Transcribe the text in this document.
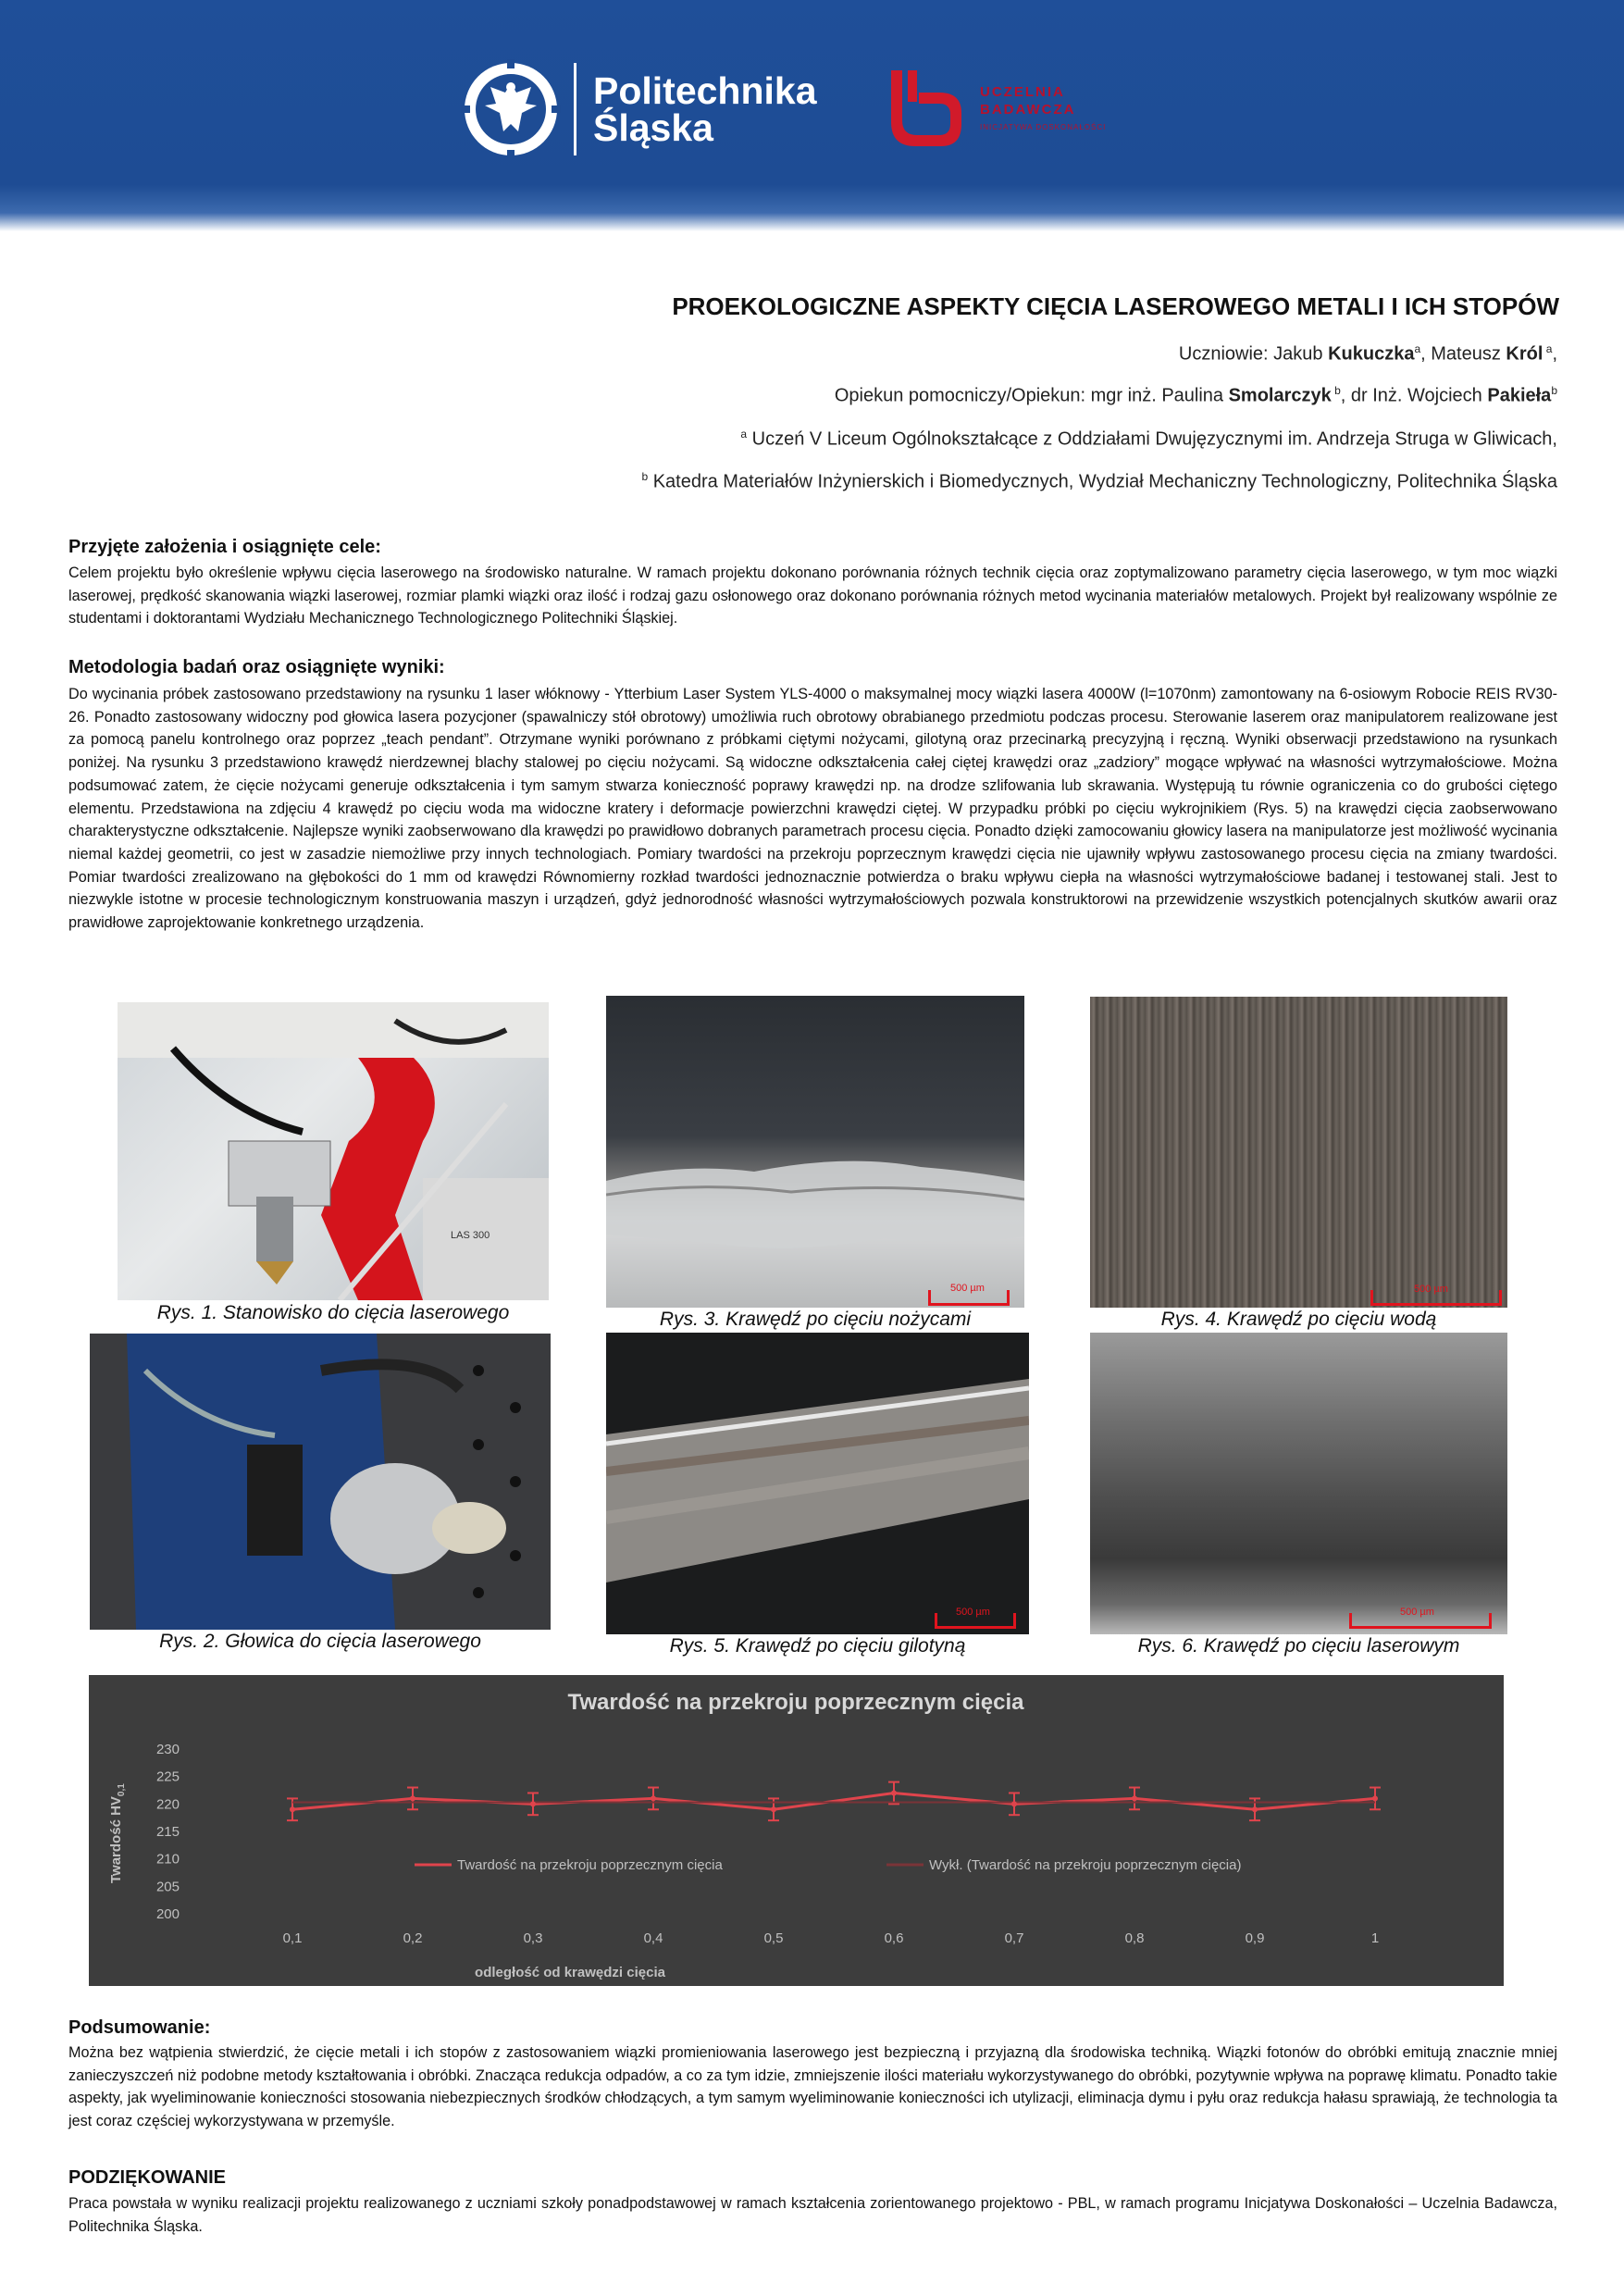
Politechnika
Śląska
UCZELNIA
BADAWCZA
INICJATYWA DOSKONAŁOŚCI
PROEKOLOGICZNE ASPEKTY CIĘCIA LASEROWEGO METALI I ICH STOPÓW
Uczniowie: Jakub Kukuczka$^a$, Mateusz Król $^a$,
Opiekun pomocniczy/Opiekun: mgr inż. Paulina Smolarczyk $^b$, dr Inż. Wojciech Pakieła$^b$
$^a$ Uczeń V Liceum Ogólnokształcące z Oddziałami Dwujęzycznymi im. Andrzeja Struga w Gliwicach,
$^b$ Katedra Materiałów Inżynierskich i Biomedycznych, Wydział Mechaniczny Technologiczny, Politechnika Śląska
Przyjęte założenia i osiągnięte cele:
Celem projektu było określenie wpływu cięcia laserowego na środowisko naturalne. W ramach projektu dokonano porównania różnych technik cięcia oraz zoptymalizowano parametry cięcia laserowego, w tym moc wiązki laserowej, prędkość skanowania wiązki laserowej, rozmiar plamki wiązki oraz ilość i rodzaj gazu osłonowego oraz dokonano porównania różnych metod wycinania materiałów metalowych. Projekt był realizowany wspólnie ze studentami i doktorantami Wydziału Mechanicznego Technologicznego Politechniki Śląskiej.
Metodologia badań oraz osiągnięte wyniki:
Do wycinania próbek zastosowano przedstawiony na rysunku 1 laser włóknowy - Ytterbium Laser System YLS-4000 o maksymalnej mocy wiązki lasera 4000W (l=1070nm) zamontowany na 6-osiowym Robocie REIS RV30-26. Ponadto zastosowany widoczny pod głowica lasera pozycjoner (spawalniczy stół obrotowy) umożliwia ruch obrotowy obrabianego przedmiotu podczas procesu. Sterowanie laserem oraz manipulatorem realizowane jest za pomocą panelu kontrolnego oraz poprzez „teach pendant”. Otrzymane wyniki porównano z próbkami ciętymi nożycami, gilotyną oraz przecinarką precyzyjną i ręczną. Wyniki obserwacji przedstawiono na rysunkach poniżej. Na rysunku 3 przedstawiono krawędź nierdzewnej blachy stalowej po cięciu nożycami. Są widoczne odkształcenia całej ciętej krawędzi oraz „zadziory” mogące wpływać na własności wytrzymałościowe. Można podsumować zatem, że cięcie nożycami generuje odkształcenia i tym samym stwarza konieczność poprawy krawędzi np. na drodze szlifowania lub skrawania. Występują tu równie ograniczenia co do grubości ciętego elementu. Przedstawiona na zdjęciu 4 krawędź po cięciu woda ma widoczne kratery i deformacje powierzchni krawędzi ciętej. W przypadku próbki po cięciu wykrojnikiem (Rys. 5) na krawędzi cięcia zaobserwowano charakterystyczne odkształcenie. Najlepsze wyniki zaobserwowano dla krawędzi po prawidłowo dobranych parametrach procesu cięcia. Ponadto dzięki zamocowaniu głowicy lasera na manipulatorze jest możliwość wycinania niemal każdej geometrii, co jest w zasadzie niemożliwe przy innych technologiach. Pomiary twardości na przekroju poprzecznym krawędzi cięcia nie ujawniły wpływu zastosowanego procesu cięcia na zmiany twardości. Pomiar twardości zrealizowano na głębokości do 1 mm od krawędzi Równomierny rozkład twardości jednoznacznie potwierdza o braku wpływu ciepła na własności wytrzymałościowe badanej i testowanej stali. Jest to niezwykle istotne w procesie technologicznym konstruowania maszyn i urządzeń, gdyż jednorodność własności wytrzymałościowych pozwala konstruktorowi na przewidzenie wszystkich potencjalnych skutków awarii oraz prawidłowe zaprojektowanie konkretnego urządzenia.
LAS 300
Rys. 1. Stanowisko do cięcia laserowego
Rys. 2. Głowica do cięcia laserowego
500 µm
Rys. 3. Krawędź po cięciu nożycami
500 µm
Rys. 4. Krawędź po cięciu wodą
500 µm
Rys. 5. Krawędź po cięciu gilotyną
500 µm
Rys. 6. Krawędź po cięciu laserowym
Twardość na przekroju poprzecznym cięcia
200
205
210
215
220
225
230
0,1	0,2	0,3	0,4	0,5	0,6	0,7	0,8	0,9	1
Twardość na przekroju poprzecznym cięcia	Wykł. (Twardość na przekroju poprzecznym cięcia)
odległość od krawędzi cięcia
Twardość $HV_{0,1}$
Podsumowanie:
Można bez wątpienia stwierdzić, że cięcie metali i ich stopów z zastosowaniem wiązki promieniowania laserowego jest bezpieczną i przyjazną dla środowiska techniką. Wiązki fotonów do obróbki emitują znacznie mniej zanieczyszczeń niż podobne metody kształtowania i obróbki. Znacząca redukcja odpadów, a co za tym idzie, zmniejszenie ilości materiału wykorzystywanego do obróbki, pozytywnie wpływa na poprawę klimatu. Ponadto takie aspekty, jak wyeliminowanie konieczności stosowania niebezpiecznych środków chłodzących, a tym samym wyeliminowanie konieczności ich utylizacji, eliminacja dymu i pyłu oraz redukcja hałasu sprawiają, że technologia ta jest coraz częściej wykorzystywana w przemyśle.
PODZIĘKOWANIE
Praca powstała w wyniku realizacji projektu realizowanego z uczniami szkoły ponadpodstawowej w ramach kształcenia zorientowanego projektowo - PBL, w ramach programu Inicjatywa Doskonałości – Uczelnia Badawcza, Politechnika Śląska.
